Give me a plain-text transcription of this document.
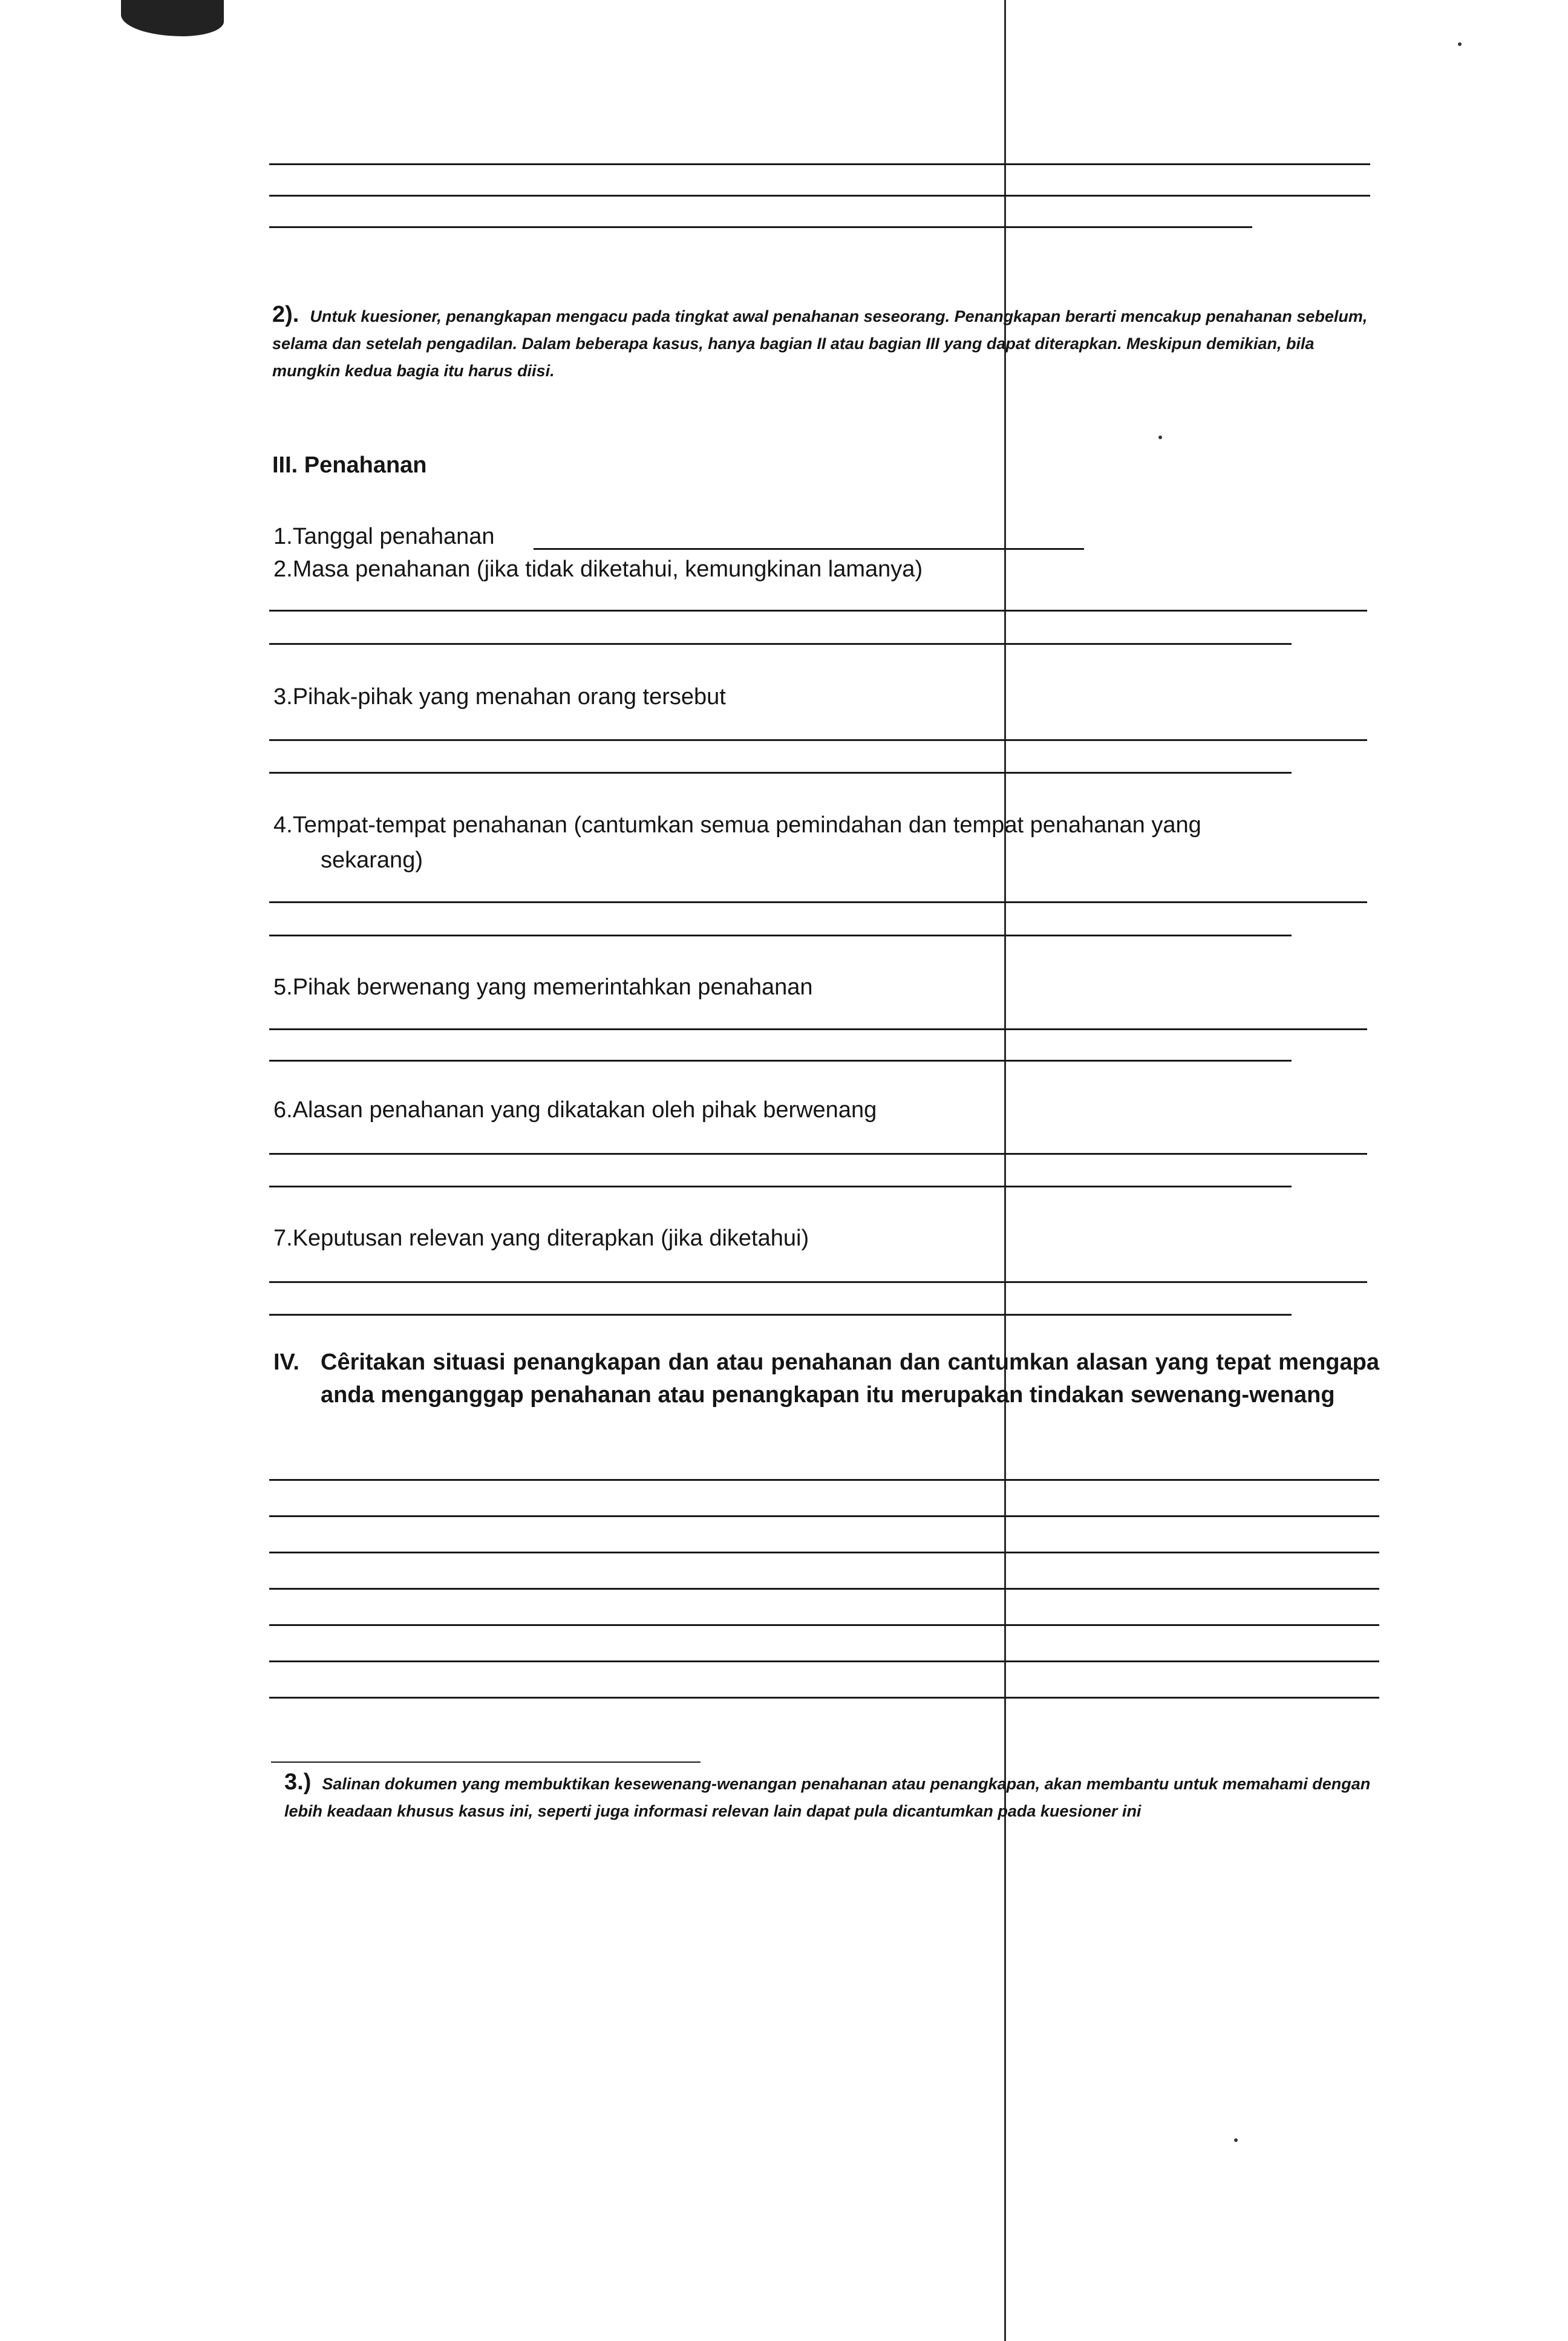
2). Untuk kuesioner, penangkapan mengacu pada tingkat awal penahanan seseorang. Penangkapan berarti mencakup penahanan sebelum, selama dan setelah pengadilan. Dalam beberapa kasus, hanya bagian II atau bagian III yang dapat diterapkan. Meskipun demikian, bila mungkin kedua bagia itu harus diisi.
III. Penahanan
1.Tanggal penahanan
2.Masa penahanan (jika tidak diketahui, kemungkinan lamanya)
3.Pihak-pihak yang menahan orang tersebut
4.Tempat-tempat penahanan (cantumkan semua pemindahan dan tempat penahanan yang
sekarang)
5.Pihak berwenang yang memerintahkan penahanan
6.Alasan penahanan yang dikatakan oleh pihak berwenang
7.Keputusan relevan yang diterapkan (jika diketahui)
IV. Cêritakan situasi penangkapan dan atau penahanan dan cantumkan alasan yang tepat mengapa anda menganggap penahanan atau penangkapan itu merupakan tindakan sewenang-wenang
3.) Salinan dokumen yang membuktikan kesewenang-wenangan penahanan atau penangkapan, akan membantu untuk memahami dengan lebih keadaan khusus kasus ini, seperti juga informasi relevan lain dapat pula dicantumkan pada kuesioner ini
